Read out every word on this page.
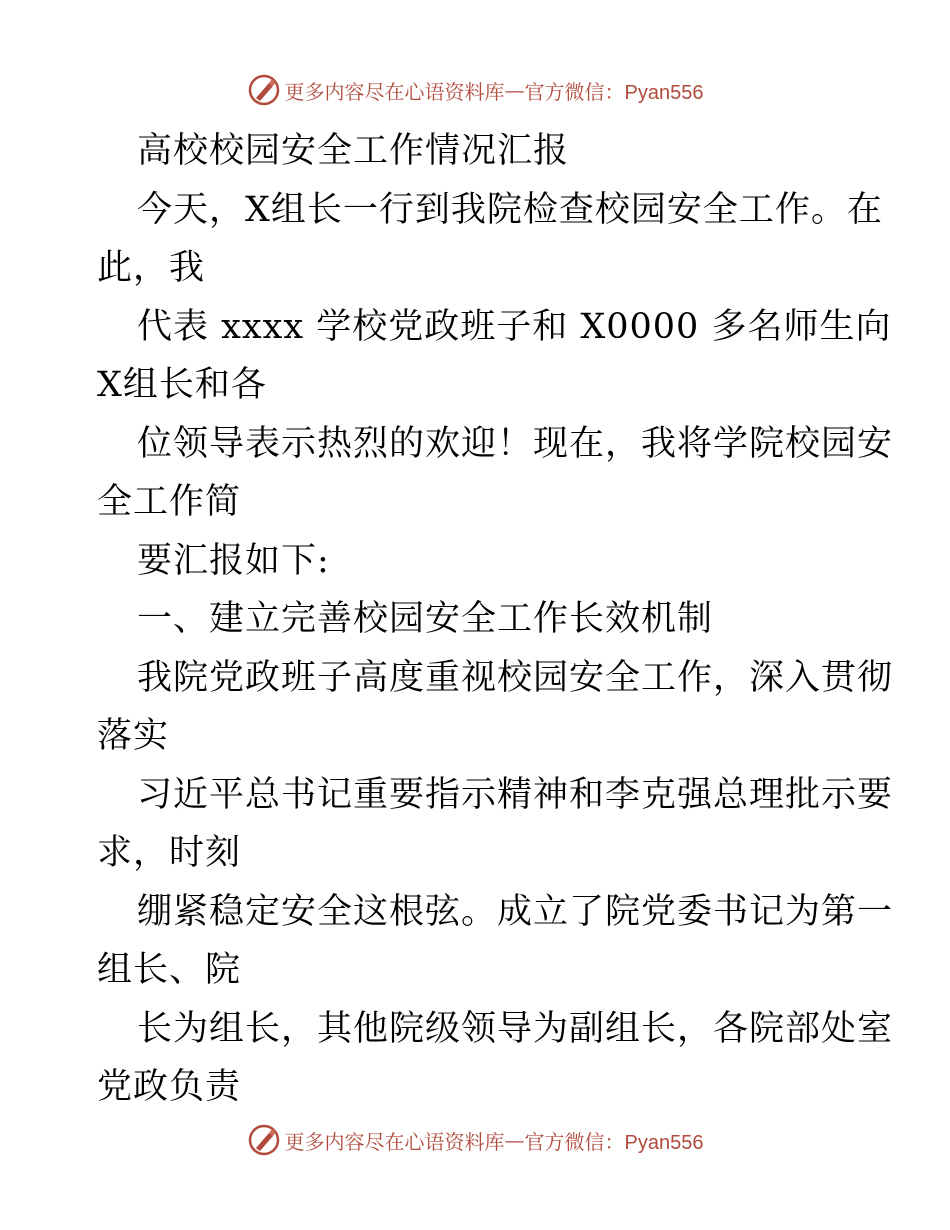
更多内容尽在心语资料库 — 官方微信：Pyan556
高校校园安全工作情况汇报
今天，X组长一行到我院检查校园安全工作。在
此，我
代表 xxxx 学校党政班子和 X0000 多名师生向
X组长和各
位领导表示热烈的欢迎！现在，我将学院校园安
全工作简
要汇报如下:
一、建立完善校园安全工作长效机制
我院党政班子高度重视校园安全工作，深入贯彻
落实
习近平总书记重要指示精神和李克强总理批示要
求，时刻
绷紧稳定安全这根弦。成立了院党委书记为第一
组长、院
长为组长，其他院级领导为副组长，各院部处室
党政负责
更多内容尽在心语资料库 — 官方微信：Pyan556
